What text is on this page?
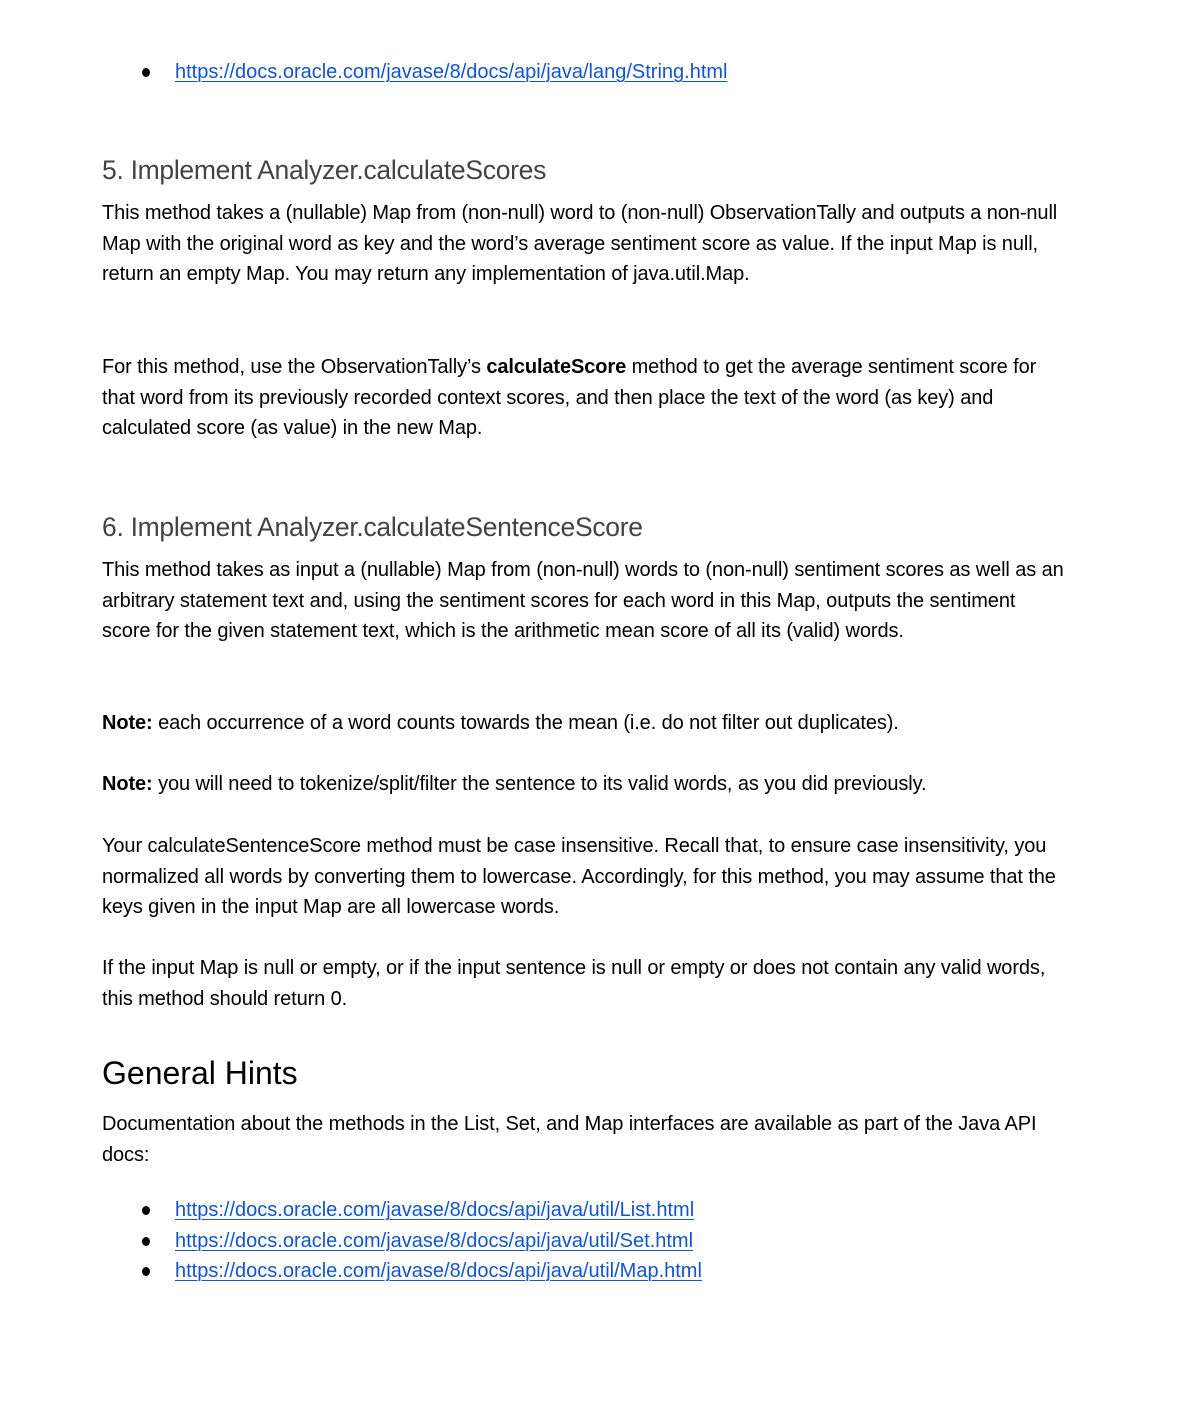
https://docs.oracle.com/javase/8/docs/api/java/lang/String.html
5. Implement Analyzer.calculateScores
This method takes a (nullable) Map from (non-null) word to (non-null) ObservationTally and outputs a non-null Map with the original word as key and the word’s average sentiment score as value. If the input Map is null, return an empty Map. You may return any implementation of java.util.Map.
For this method, use the ObservationTally’s calculateScore method to get the average sentiment score for that word from its previously recorded context scores, and then place the text of the word (as key) and calculated score (as value) in the new Map.
6. Implement Analyzer.calculateSentenceScore
This method takes as input a (nullable) Map from (non-null) words to (non-null) sentiment scores as well as an arbitrary statement text and, using the sentiment scores for each word in this Map, outputs the sentiment score for the given statement text, which is the arithmetic mean score of all its (valid) words.
Note: each occurrence of a word counts towards the mean (i.e. do not filter out duplicates).
Note: you will need to tokenize/split/filter the sentence to its valid words, as you did previously.
Your calculateSentenceScore method must be case insensitive. Recall that, to ensure case insensitivity, you normalized all words by converting them to lowercase. Accordingly, for this method, you may assume that the keys given in the input Map are all lowercase words.
If the input Map is null or empty, or if the input sentence is null or empty or does not contain any valid words, this method should return 0.
General Hints
Documentation about the methods in the List, Set, and Map interfaces are available as part of the Java API docs:
https://docs.oracle.com/javase/8/docs/api/java/util/List.html
https://docs.oracle.com/javase/8/docs/api/java/util/Set.html
https://docs.oracle.com/javase/8/docs/api/java/util/Map.html
